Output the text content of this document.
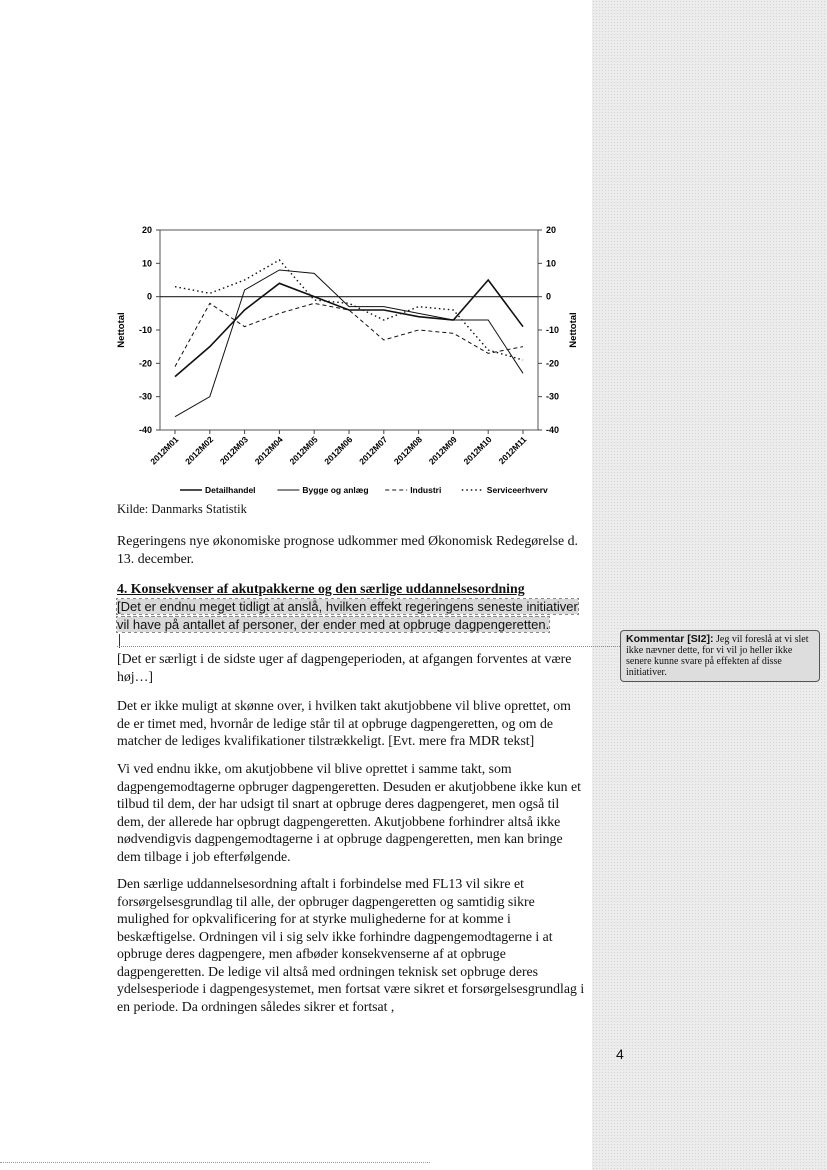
20	20
10	10
0	0
-10	-10
-20	-20
-30	-30
-40	-40
Nettotal	Nettotal
2012M01 2012M02 2012M03 2012M04 2012M05 2012M06 2012M07 2012M08 2012M09 2012M10 2012M11
Detailhandel	Bygge og anlæg	Industri	Serviceerhverv
Kilde: Danmarks Statistik
Regeringens nye økonomiske prognose udkommer med Økonomisk Redegørelse d. 13. december.
4. Konsekvenser af akutpakkerne og den særlige uddannelsesordning
[Det er endnu meget tidligt at anslå, hvilken effekt regeringens seneste initiativer vil have på antallet af personer, der ender med at opbruge dagpengeretten.
Kommentar [SI2]: Jeg vil foreslå at vi slet ikke nævner dette, for vi vil jo heller ikke senere kunne svare på effekten af disse initiativer.
[Det er særligt i de sidste uger af dagpengeperioden, at afgangen forventes at være høj…]
Det er ikke muligt at skønne over, i hvilken takt akutjobbene vil blive oprettet, om de er timet med, hvornår de ledige står til at opbruge dagpengeretten, og om de matcher de lediges kvalifikationer tilstrækkeligt. [Evt. mere fra MDR tekst]
Vi ved endnu ikke, om akutjobbene vil blive oprettet i samme takt, som dagpengemodtagerne opbruger dagpengeretten. Desuden er akutjobbene ikke kun et tilbud til dem, der har udsigt til snart at opbruge deres dagpengeret, men også til dem, der allerede har opbrugt dagpengeretten. Akutjobbene forhindrer altså ikke nødvendigvis dagpengemodtagerne i at opbruge dagpengeretten, men kan bringe dem tilbage i job efterfølgende.
Den særlige uddannelsesordning aftalt i forbindelse med FL13 vil sikre et forsørgelsesgrundlag til alle, der opbruger dagpengeretten og samtidig sikre mulighed for opkvalificering for at styrke mulighederne for at komme i beskæftigelse. Ordningen vil i sig selv ikke forhindre dagpengemodtagerne i at opbruge deres dagpengere, men afbøder konsekvenserne af at opbruge dagpengeretten. De ledige vil altså med ordningen teknisk set opbruge deres ydelsesperiode i dagpengesystemet, men fortsat være sikret et forsørgelsesgrundlag i en periode. Da ordningen således sikrer et fortsat ,
4
